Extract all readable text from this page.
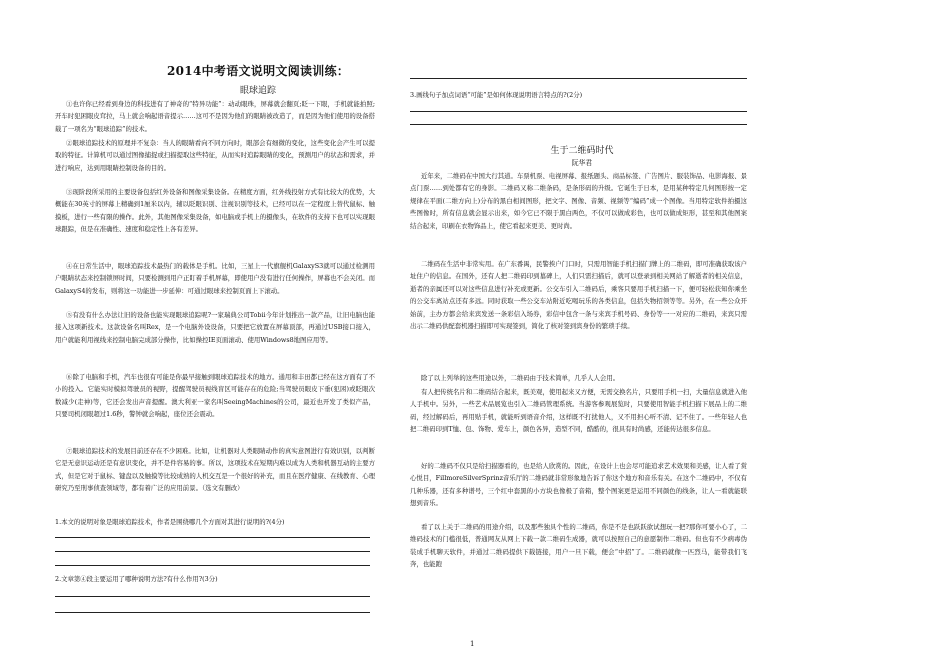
2014中考语文说明文阅读训练：
眼球追踪

①也许你已经看到身边的科技进有了神奇的“特异功能”：动动眼珠，屏幕就会翻页;眨一下眼，手机就能拍照;开车时犯困眼皮耷拉，马上就会响起语音提示……这可不是因为他们的眼睛被改造了，而是因为他们使用的设备搭载了一项名为“眼球追踪”的技术。

②眼球追踪技术的原理并不复杂：当人的眼睛看向不同方向时，眼部会有细微的变化，这些变化会产生可以提取的特征。计算机可以通过图像捕捉或扫描提取这些特征，从而实时追踪眼睛的变化，预测用户的状态和需求，并进行响应，达到用眼睛控制设备的目的。

③现阶段所采用的主要设备包括红外设备和图像采集设备。在精度方面，红外线投射方式有比较大的优势，大概能在30英寸的屏幕上精确到1厘米以内，辅以眨眼识别、注视识别等技术，已经可以在一定程度上替代鼠标、触摸板，进行一些有限的操作。此外，其他图像采集设备，如电脑或手机上的摄像头，在软件的支持下也可以实现眼球跟踪，但是在准确性、速度和稳定性上各有差异。

④在日常生活中，眼球追踪技术最热门的载体是手机。比如，三星上一代旗舰机GalaxyS3就可以通过检测用户眼睛状态来控制锁屏时间，只要检测到用户正盯着手机屏幕，即使用户没有进行任何操作，屏幕也不会关闭。而GalaxyS4的发布，则将这一功能进一步延伸：可通过眼球来控制页面上下滚动。

⑤有没有什么办法让旧的设备也能实现眼球追踪呢?一家瑞典公司Tobii今年计划推出一款产品，让旧电脑也能接入这项新技术。这款设备名叫Rex，是一个电脑外设设备，只要把它放置在屏幕顶部，再通过USB接口接入，用户就能利用视线来控制电脑完成部分操作，比如操控IE页面滚动、使用Windows8地图应用等。

⑥除了电脑和手机，汽车也很有可能是你最早接触到眼球追踪技术的地方。通用和丰田都已经在这方面有了不小的投入。它能实时模拟驾驶员的视野，提醒驾驶员视线盲区可能存在的危险;当驾驶员眼皮下垂(犯困)或眨眼次数减少(走神)等，它还会发出声音提醒。澳大利亚一家名叫SeeingMachines的公司，最近也开发了类似产品，只要司机闭眼超过1.6秒，警钟就会响起，座位还会震动。

⑦眼球追踪技术的发展目前还存在不少困难。比如，让机器对人类眼睛动作的真实意图进行有效识别，以判断它是无意识运动还是有意识变化，并不是件容易的事。所以，这项技术在短期内难以成为人类和机器互动的主要方式，但是它对于鼠标、键盘以及触摸等比较成熟的人机交互是一个很好的补充，而且在医疗健康、在线教育、心理研究乃至刑事侦查领域等，都有着广泛的应用前景。（选文有删改）

1.本文的说明对象是眼球追踪技术，作者是围绕哪几个方面对其进行说明的?(4分)
2.文章第④段主要运用了哪种说明方法?有什么作用?(3分)
3.画线句子加点词语“可能”是如何体现说明语言特点的?(2分)
生于二维码时代
阮华君

近年来，二维码在中国大行其道。车票机票、电视屏幕、报纸题头、商品标签、广告图片、服装饰品、电影海报、景点门票……到处都有它的身影。二维码又称二维条码，是条形码的升级。它诞生于日本，是用某种特定几何图形按一定规律在平面(二维方向上)分布的黑白相间图形，把文字、图像、音频、视频等“编码”成一个图像。当用特定软件拍摄这些图像时，所有信息就会显示出来，如今它已不限于黑白两色，不仅可以做成彩色，也可以做成矩形，甚至和其他图案结合起来，印刷在衣物饰品上，使它看起来更美、更时尚。

二维码在生活中非常实用。在广东番禺，民警挨户门口时，只需用智能手机扫描门牌上的二维码，即可准确获取该户址住户的信息。在国外，还有人把二维码印到墓碑上，人们只需扫描后，就可以登录到相关网站了解逝者的相关信息，逝者的亲属还可以对这些信息进行补充或更新。公交车引入二维码后，乘客只要用手机扫描一下，便可轻松获知你乘坐的公交车离站点还有多远。同时获取一些公交车站附近吃喝玩乐的各类信息，包括失物招领等等。另外，在一些公众开始前，主办方都会给来宾发送一条彩信入场券，彩信中包含一条与来宾手机号码、身份等一一对应的二维码，来宾只需出示二维码供配套机器扫描即可实现签到，简化了核对签到宾身份的繁琐手续。

除了以上列举的这些用途以外，二维码由于技术简单，几乎人人会用。

有人把传统名片和二维码结合起来，既美观，使用起来又方便，无需交换名片，只要用手机一扫，大量信息就进入他人手机中。另外，一些艺术品展览也引入二维码管理系统。当游客参观展览时，只要使用智能手机扫描下展品上的二维码，经过解码后，再用贴手机，就能听到语音介绍，这样既不打扰他人，又不用担心听不清、记不住了。一些年轻人也把二维码印到T恤、包、饰物、爱车上，颜色各异，造型不同，酷酷的，很具有时尚感，还能传达很多信息。

好的二维码不仅只是给扫描器看的，也是给人欣赏的。因此，在设计上也会尽可能追求艺术效果和美感，让人看了赏心悦目，FillmoreSilverSprinz音乐厅的二维码就非常形象地告诉了你这个地方和音乐有关。在这个二维码中，不仅有几种乐器，还有多种谱号，三个红中套黑的小方块也像极了音箱，整个图案更是运用不同颜色的线条，让人一看就能联想到音乐。

看了以上关于二维码的用途介绍，以及那些独具个性的二维码，你是不是也跃跃欲试想玩一把?那你可要小心了，二维码技术的门槛很低，普通网友从网上下载一款二维码生成器，就可以按照自己的意愿制作二维码。但也有不少病毒伪装成手机聊天软件，并通过二维码提供下载链接，用户一旦下载，便会“中招”了。二维码就像一匹烈马，能带我们飞奔，也能跑

1
